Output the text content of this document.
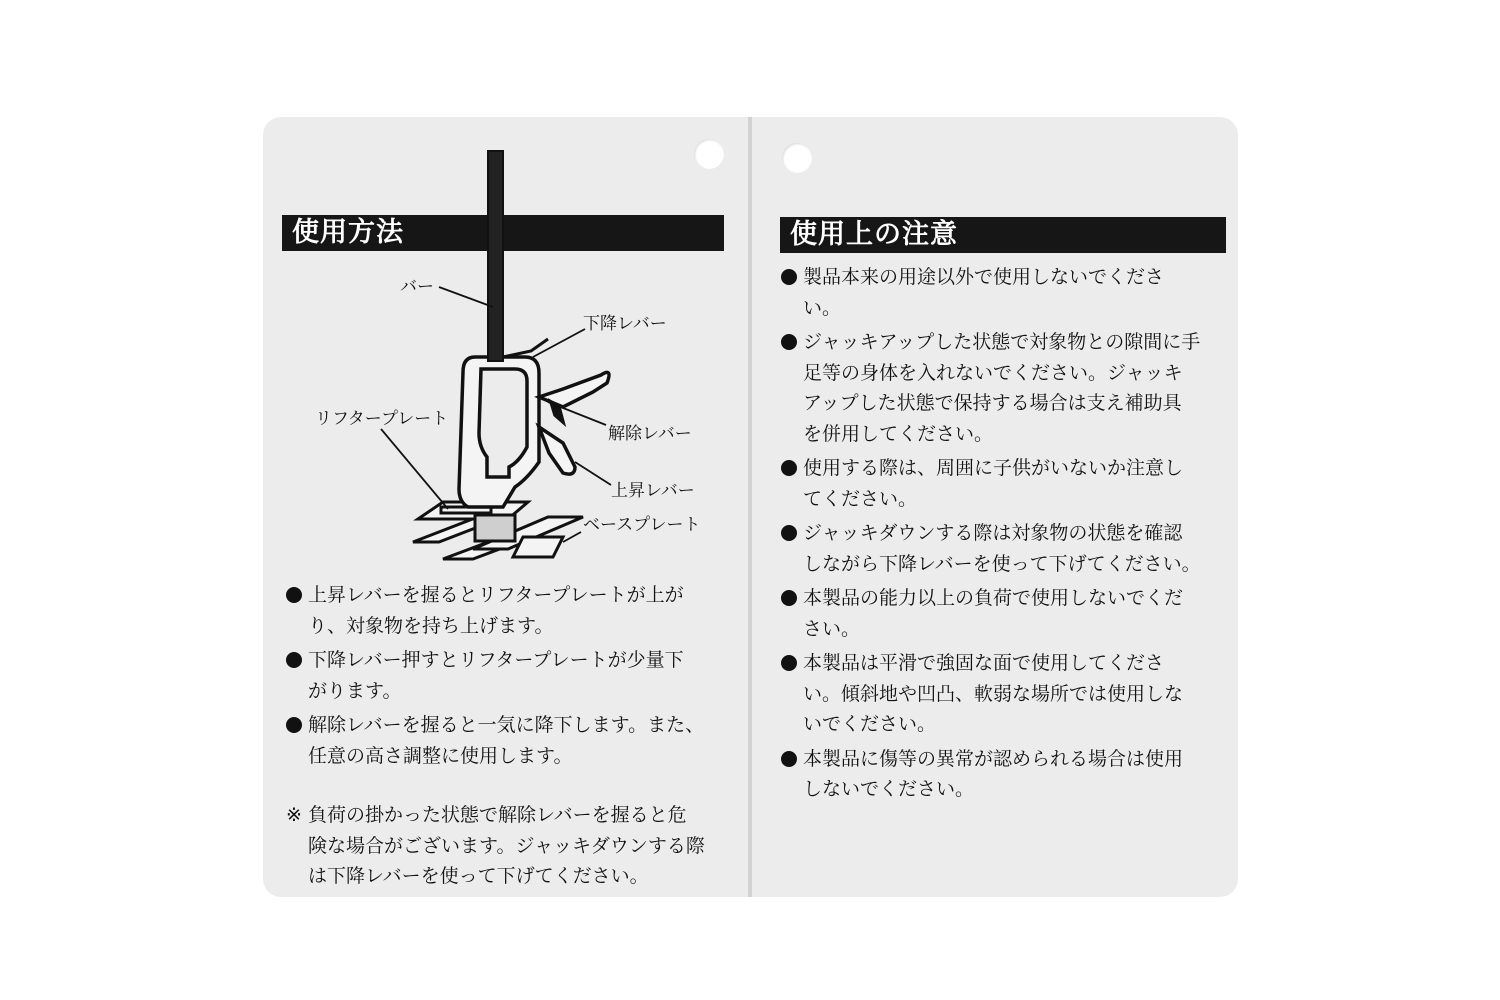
使用方法
バー
下降レバー
リフタープレート
解除レバー
上昇レバー
ベースプレート
上昇レバーを握るとリフタープレートが上が
り、対象物を持ち上げます。
下降レバー押すとリフタープレートが少量下
がります。
解除レバーを握ると一気に降下します。また、
任意の高さ調整に使用します。
※ 負荷の掛かった状態で解除レバーを握ると危
険な場合がございます。ジャッキダウンする際
は下降レバーを使って下げてください。
使用上の注意
製品本来の用途以外で使用しないでくださ
い。
ジャッキアップした状態で対象物との隙間に手
足等の身体を入れないでください。ジャッキ
アップした状態で保持する場合は支え補助具
を併用してください。
使用する際は、周囲に子供がいないか注意し
てください。
ジャッキダウンする際は対象物の状態を確認
しながら下降レバーを使って下げてください。
本製品の能力以上の負荷で使用しないでくだ
さい。
本製品は平滑で強固な面で使用してくださ
い。傾斜地や凹凸、軟弱な場所では使用しな
いでください。
本製品に傷等の異常が認められる場合は使用
しないでください。
